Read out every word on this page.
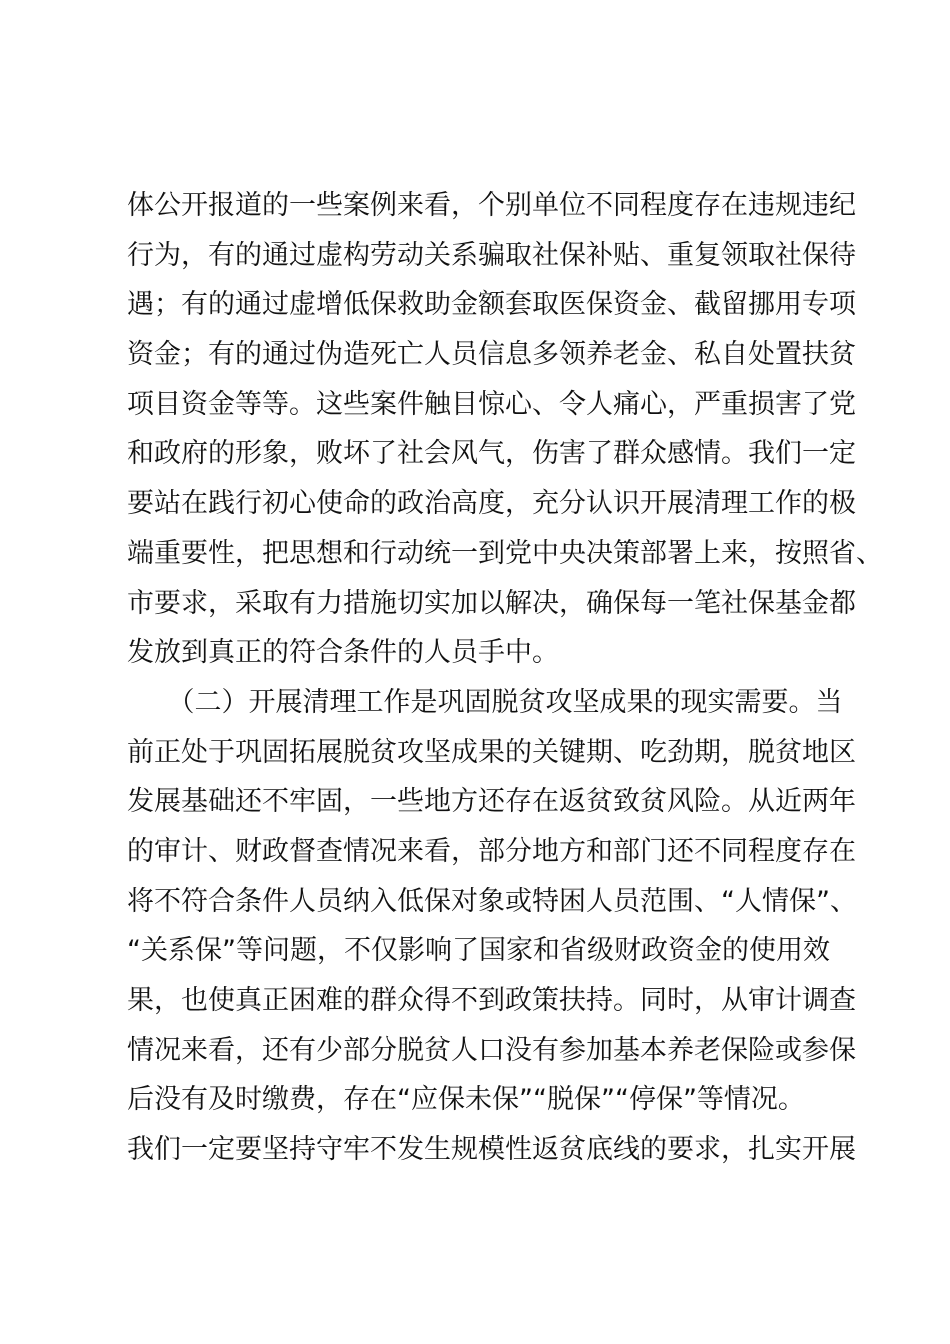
体公开报道的一些案例来看，个别单位不同程度存在违规违纪
行为，有的通过虚构劳动关系骗取社保补贴、重复领取社保待
遇；有的通过虚增低保救助金额套取医保资金、截留挪用专项
资金；有的通过伪造死亡人员信息多领养老金、私自处置扶贫
项目资金等等。这些案件触目惊心、令人痛心，严重损害了党
和政府的形象，败坏了社会风气，伤害了群众感情。我们一定
要站在践行初心使命的政治高度，充分认识开展清理工作的极
端重要性，把思想和行动统一到党中央决策部署上来，按照省、
市要求，采取有力措施切实加以解决，确保每一笔社保基金都
发放到真正的符合条件的人员手中。
　　（二）开展清理工作是巩固脱贫攻坚成果的现实需要。当
前正处于巩固拓展脱贫攻坚成果的关键期、吃劲期，脱贫地区
发展基础还不牢固，一些地方还存在返贫致贫风险。从近两年
的审计、财政督查情况来看，部分地方和部门还不同程度存在
将不符合条件人员纳入低保对象或特困人员范围、“人情保”、
“关系保”等问题，不仅影响了国家和省级财政资金的使用效
果，也使真正困难的群众得不到政策扶持。同时，从审计调查
情况来看，还有少部分脱贫人口没有参加基本养老保险或参保
后没有及时缴费，存在“应保未保”“脱保”“停保”等情况。
我们一定要坚持守牢不发生规模性返贫底线的要求，扎实开展
